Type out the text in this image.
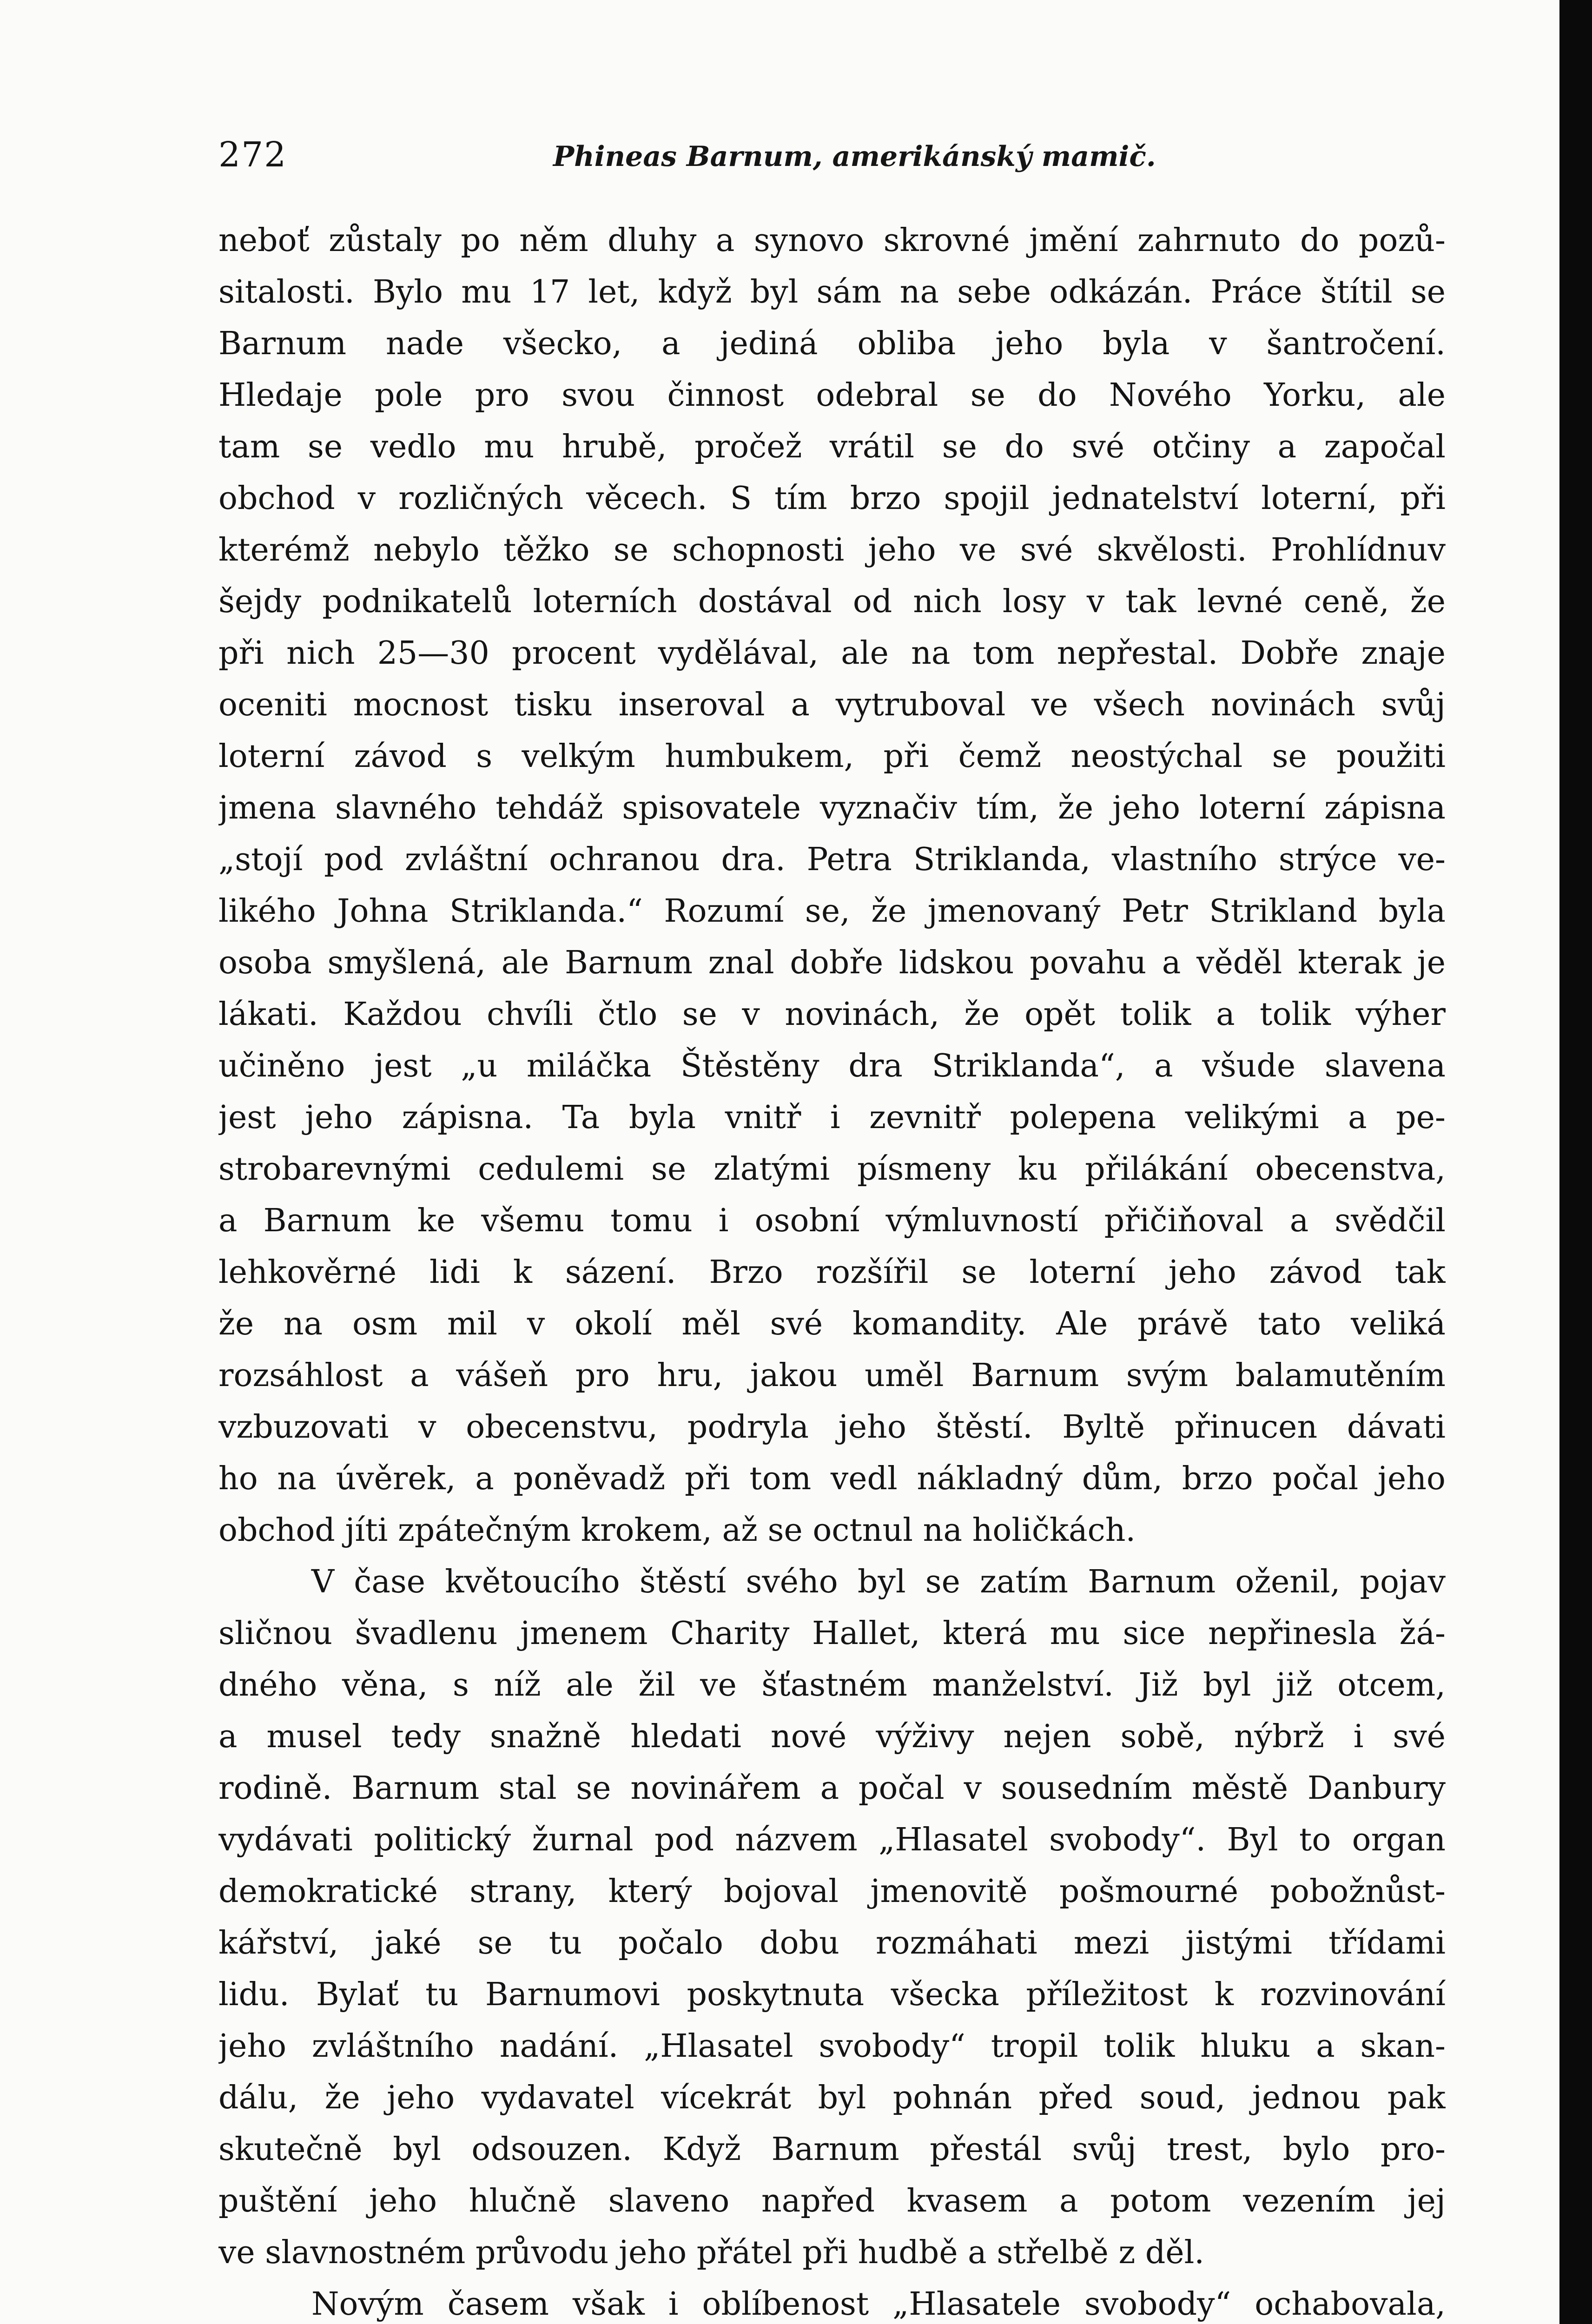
272	Phineas Barnum, amerikánský mamič.
neboť zůstaly po něm dluhy a synovo skrovné jmění zahrnuto do pozů-
sitalosti. Bylo mu 17 let, když byl sám na sebe odkázán. Práce štítil se
Barnum nade všecko, a jediná obliba jeho byla v šantročení.
Hledaje pole pro svou činnost odebral se do Nového Yorku, ale
tam se vedlo mu hrubě, pročež vrátil se do své otčiny a započal
obchod v rozličných věcech. S tím brzo spojil jednatelství loterní, při
kterémž nebylo těžko se schopnosti jeho ve své skvělosti. Prohlídnuv
šejdy podnikatelů loterních dostával od nich losy v tak levné ceně, že
při nich 25—30 procent vydělával, ale na tom nepřestal. Dobře znaje
oceniti mocnost tisku inseroval a vytruboval ve všech novinách svůj
loterní závod s velkým humbukem, při čemž neostýchal se použiti
jmena slavného tehdáž spisovatele vyznačiv tím, že jeho loterní zápisna
„stojí pod zvláštní ochranou dra. Petra Striklanda, vlastního strýce ve-
likého Johna Striklanda.“ Rozumí se, že jmenovaný Petr Strikland byla
osoba smyšlená, ale Barnum znal dobře lidskou povahu a věděl kterak je
lákati. Každou chvíli čtlo se v novinách, že opět tolik a tolik výher
učiněno jest „u miláčka Štěstěny dra Striklanda“, a všude slavena
jest jeho zápisna. Ta byla vnitř i zevnitř polepena velikými a pe-
strobarevnými cedulemi se zlatými písmeny ku přilákání obecenstva,
a Barnum ke všemu tomu i osobní výmluvností přičiňoval a svědčil
lehkověrné lidi k sázení. Brzo rozšířil se loterní jeho závod tak
že na osm mil v okolí měl své komandity. Ale právě tato veliká
rozsáhlost a vášeň pro hru, jakou uměl Barnum svým balamutěním
vzbuzovati v obecenstvu, podryla jeho štěstí. Byltě přinucen dávati
ho na úvěrek, a poněvadž při tom vedl nákladný dům, brzo počal jeho
obchod jíti zpátečným krokem, až se octnul na holičkách.
V čase květoucího štěstí svého byl se zatím Barnum oženil, pojav
sličnou švadlenu jmenem Charity Hallet, která mu sice nepřinesla žá-
dného věna, s níž ale žil ve šťastném manželství. Již byl již otcem,
a musel tedy snažně hledati nové výživy nejen sobě, nýbrž i své
rodině. Barnum stal se novinářem a počal v sousedním městě Danbury
vydávati politický žurnal pod názvem „Hlasatel svobody“. Byl to organ
demokratické strany, který bojoval jmenovitě pošmourné pobožnůst-
kářství, jaké se tu počalo dobu rozmáhati mezi jistými třídami
lidu. Bylať tu Barnumovi poskytnuta všecka příležitost k rozvinování
jeho zvláštního nadání. „Hlasatel svobody“ tropil tolik hluku a skan-
dálu, že jeho vydavatel vícekrát byl pohnán před soud, jednou pak
skutečně byl odsouzen. Když Barnum přestál svůj trest, bylo pro-
puštění jeho hlučně slaveno napřed kvasem a potom vezením jej
ve slavnostném průvodu jeho přátel při hudbě a střelbě z děl.
Novým časem však i oblíbenost „Hlasatele svobody“ ochabovala,
